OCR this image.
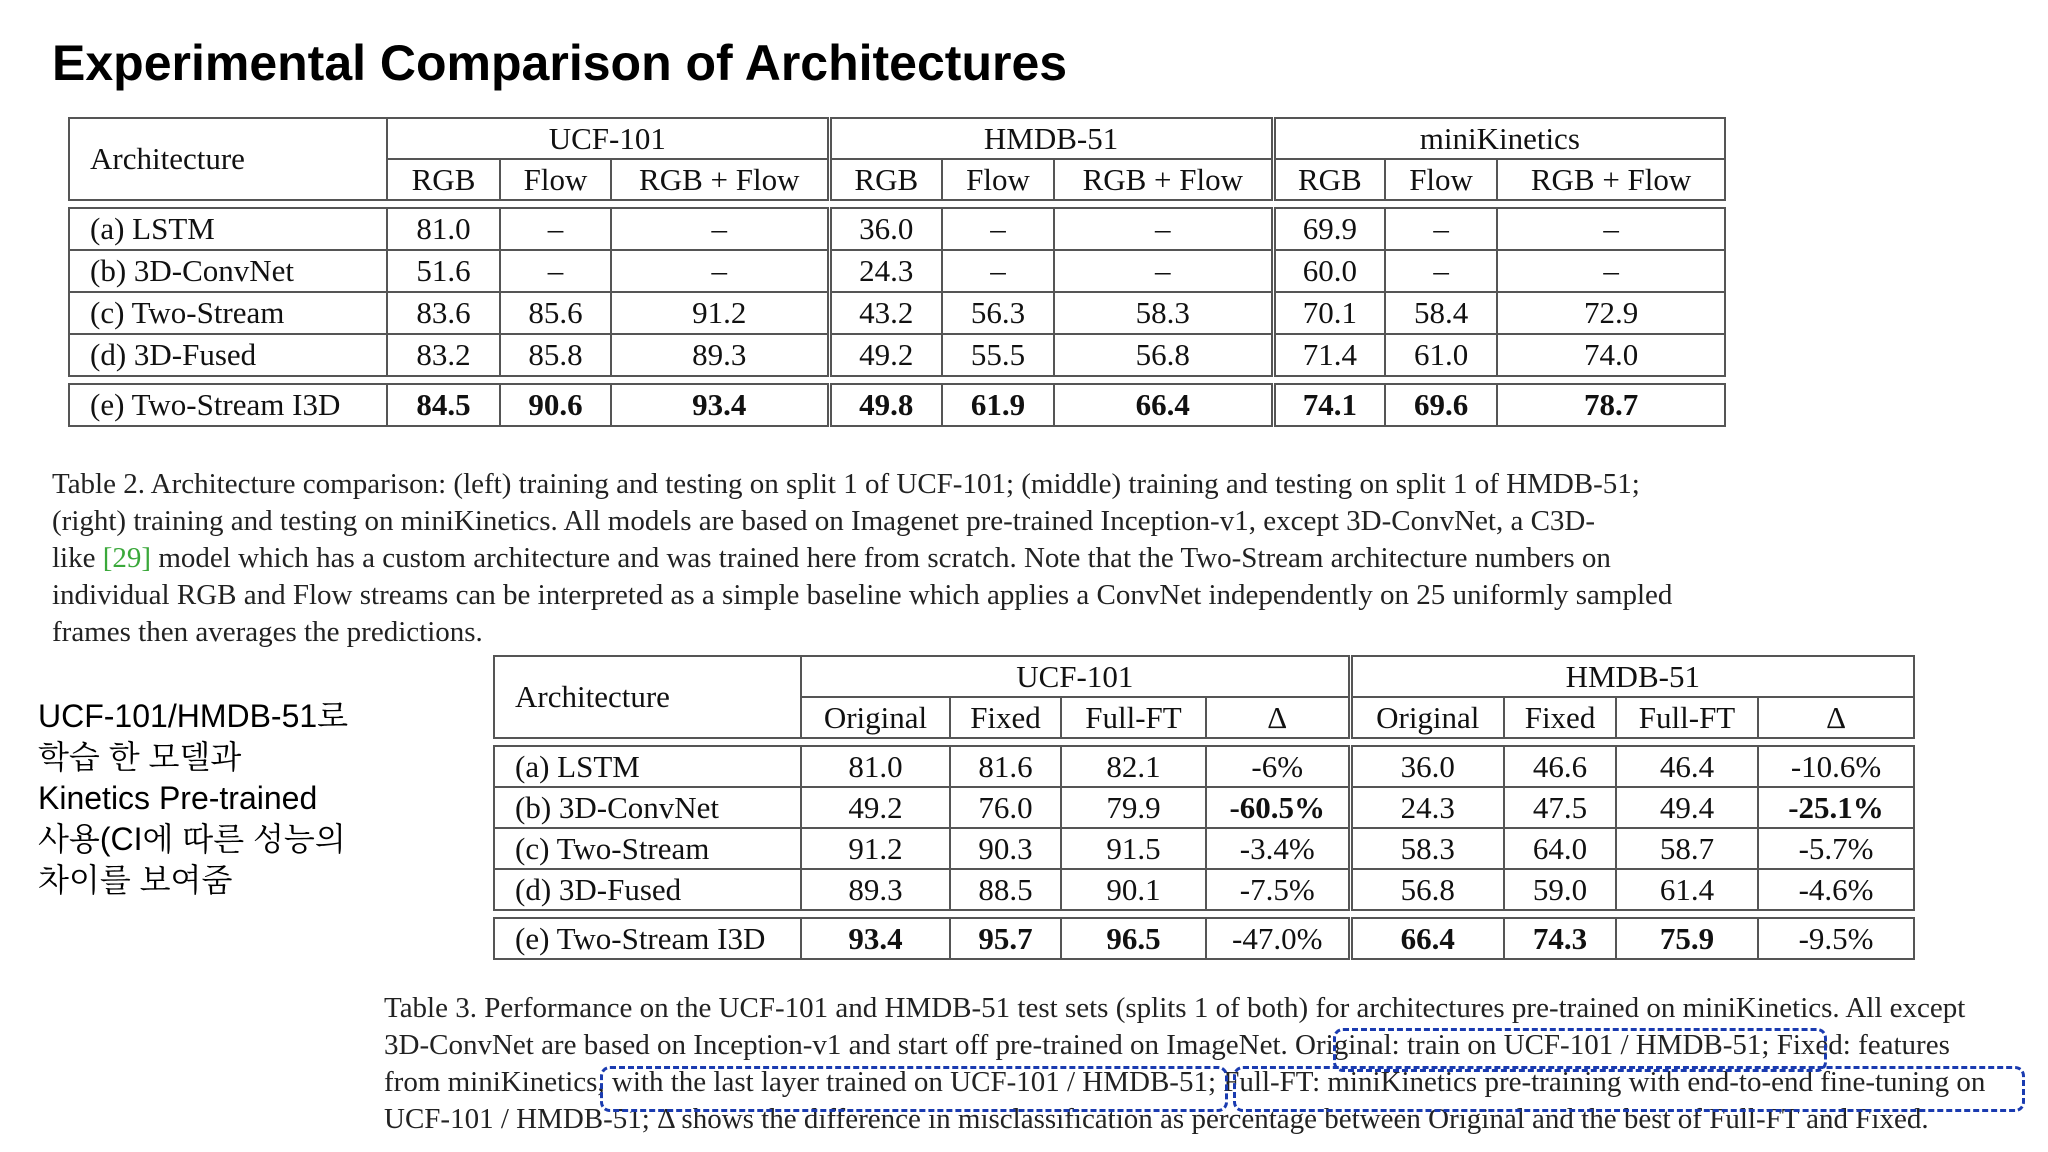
Experimental Comparison of Architectures
Architecture	UCF-101			HMDB-51			miniKinetics		
	RGB	Flow	RGB + Flow	RGB	Flow	RGB + Flow	RGB	Flow	RGB + Flow

(a) LSTM	81.0	–	–	36.0	–	–	69.9	–	–
(b) 3D-ConvNet	51.6	–	–	24.3	–	–	60.0	–	–
(c) Two-Stream	83.6	85.6	91.2	43.2	56.3	58.3	70.1	58.4	72.9
(d) 3D-Fused	83.2	85.8	89.3	49.2	55.5	56.8	71.4	61.0	74.0

(e) Two-Stream I3D	84.5	90.6	93.4	49.8	61.9	66.4	74.1	69.6	78.7
Table 2. Architecture comparison: (left) training and testing on split 1 of UCF-101; (middle) training and testing on split 1 of HMDB-51;
(right) training and testing on miniKinetics. All models are based on Imagenet pre-trained Inception-v1, except 3D-ConvNet, a C3D-
like [29] model which has a custom architecture and was trained here from scratch. Note that the Two-Stream architecture numbers on
individual RGB and Flow streams can be interpreted as a simple baseline which applies a ConvNet independently on 25 uniformly sampled
frames then averages the predictions.
UCF-101/HMDB-51로
학습 한 모델과
Kinetics Pre-trained
사용(CI에 따른 성능의
차이를 보여줌
Architecture	UCF-101				HMDB-51			
	Original	Fixed	Full-FT	Δ	Original	Fixed	Full-FT	Δ

(a) LSTM	81.0	81.6	82.1	-6%	36.0	46.6	46.4	-10.6%
(b) 3D-ConvNet	49.2	76.0	79.9	-60.5%	24.3	47.5	49.4	-25.1%
(c) Two-Stream	91.2	90.3	91.5	-3.4%	58.3	64.0	58.7	-5.7%
(d) 3D-Fused	89.3	88.5	90.1	-7.5%	56.8	59.0	61.4	-4.6%

(e) Two-Stream I3D	93.4	95.7	96.5	-47.0%	66.4	74.3	75.9	-9.5%
Table 3. Performance on the UCF-101 and HMDB-51 test sets (splits 1 of both) for architectures pre-trained on miniKinetics. All except
3D-ConvNet are based on Inception-v1 and start off pre-trained on ImageNet. Original: train on UCF-101 / HMDB-51; Fixed: features
from miniKinetics, with the last layer trained on UCF-101 / HMDB-51; Full-FT: miniKinetics pre-training with end-to-end fine-tuning on
UCF-101 / HMDB-51; Δ shows the difference in misclassification as percentage between Original and the best of Full-FT and Fixed.
